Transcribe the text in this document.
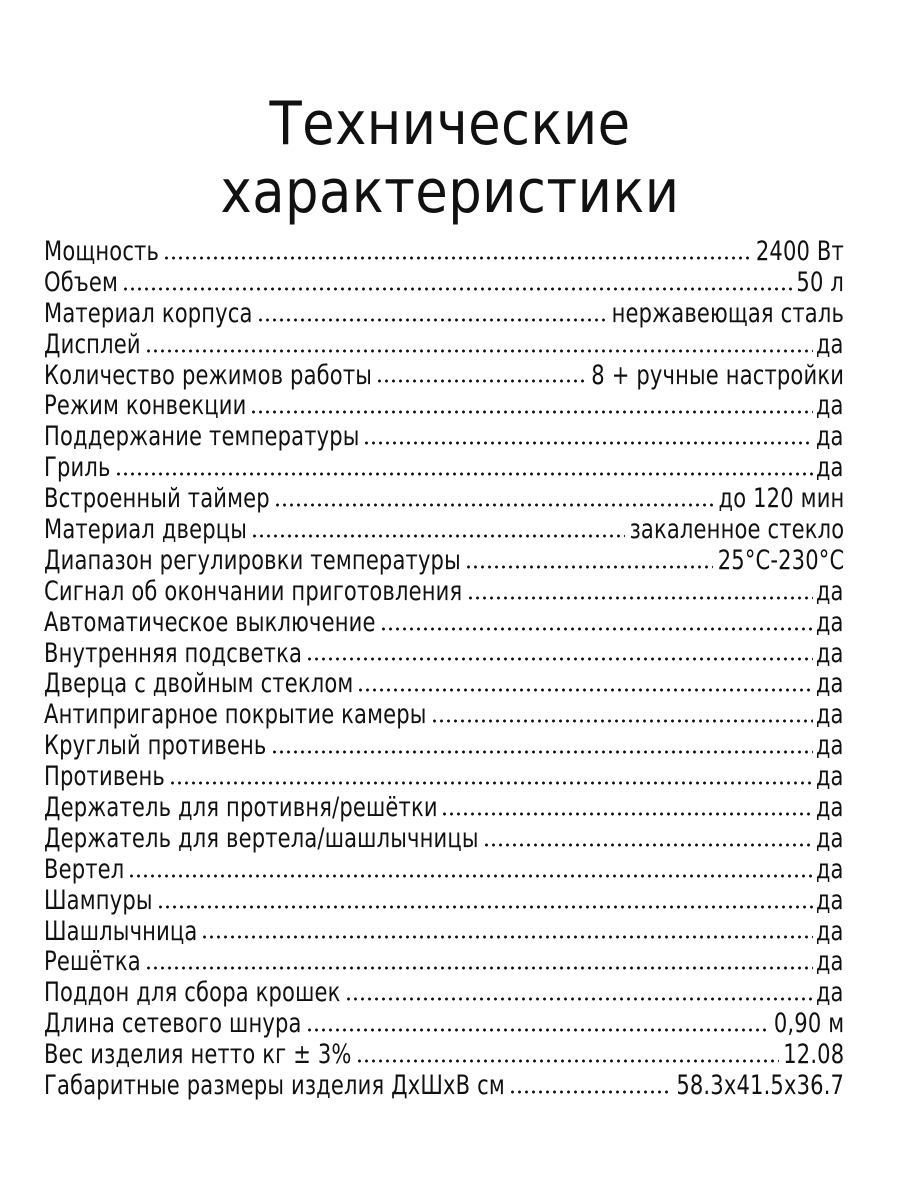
Технические
характеристики
Мощность	2400 Вт
Объем	50 л
Материал корпуса	нержавеющая сталь
Дисплей	да
Количество режимов работы	8 + ручные настройки
Режим конвекции	да
Поддержание температуры	да
Гриль	да
Встроенный таймер	до 120 мин
Материал дверцы	закаленное стекло
Диапазон регулировки температуры	25°С-230°С
Сигнал об окончании приготовления	да
Автоматическое выключение	да
Внутренняя подсветка	да
Дверца с двойным стеклом	да
Антипригарное покрытие камеры	да
Круглый противень	да
Противень	да
Держатель для противня/решётки	да
Держатель для вертела/шашлычницы	да
Вертел	да
Шампуры	да
Шашлычница	да
Решётка	да
Поддон для сбора крошек	да
Длина сетевого шнура	0,90 м
Вес изделия нетто кг ± 3%	12.08
Габаритные размеры изделия ДхШхВ см	58.3x41.5x36.7
